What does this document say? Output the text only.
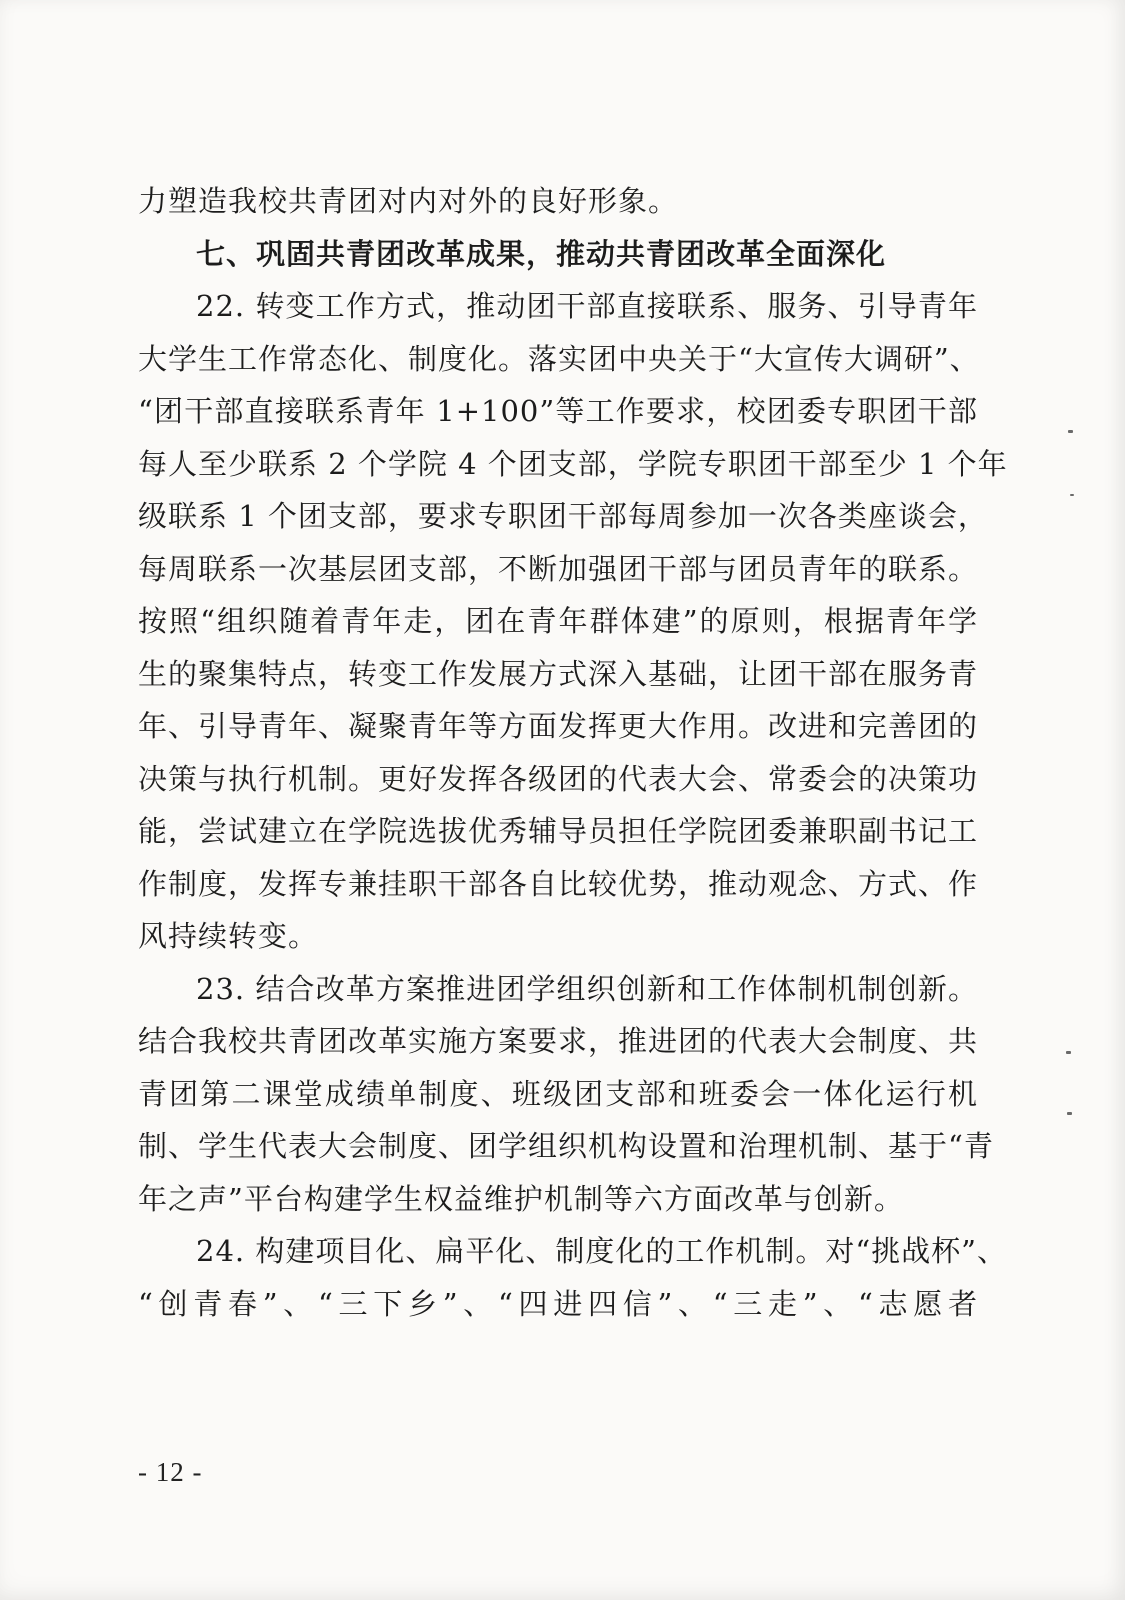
力塑造我校共青团对内对外的良好形象。
七、巩固共青团改革成果，推动共青团改革全面深化
22. 转变工作方式，推动团干部直接联系、服务、引导青年
大学生工作常态化、制度化。落实团中央关于“大宣传大调研”、
“团干部直接联系青年 1+100”等工作要求，校团委专职团干部
每人至少联系 2 个学院 4 个团支部，学院专职团干部至少 1 个年
级联系 1 个团支部，要求专职团干部每周参加一次各类座谈会，
每周联系一次基层团支部，不断加强团干部与团员青年的联系。
按照“组织随着青年走，团在青年群体建”的原则，根据青年学
生的聚集特点，转变工作发展方式深入基础，让团干部在服务青
年、引导青年、凝聚青年等方面发挥更大作用。改进和完善团的
决策与执行机制。更好发挥各级团的代表大会、常委会的决策功
能，尝试建立在学院选拔优秀辅导员担任学院团委兼职副书记工
作制度，发挥专兼挂职干部各自比较优势，推动观念、方式、作
风持续转变。
23. 结合改革方案推进团学组织创新和工作体制机制创新。
结合我校共青团改革实施方案要求，推进团的代表大会制度、共
青团第二课堂成绩单制度、班级团支部和班委会一体化运行机
制、学生代表大会制度、团学组织机构设置和治理机制、基于“青
年之声”平台构建学生权益维护机制等六方面改革与创新。
24. 构建项目化、扁平化、制度化的工作机制。对“挑战杯”、
“创青春”、“三下乡”、“四进四信”、“三走”、“志愿者
- 12 -
